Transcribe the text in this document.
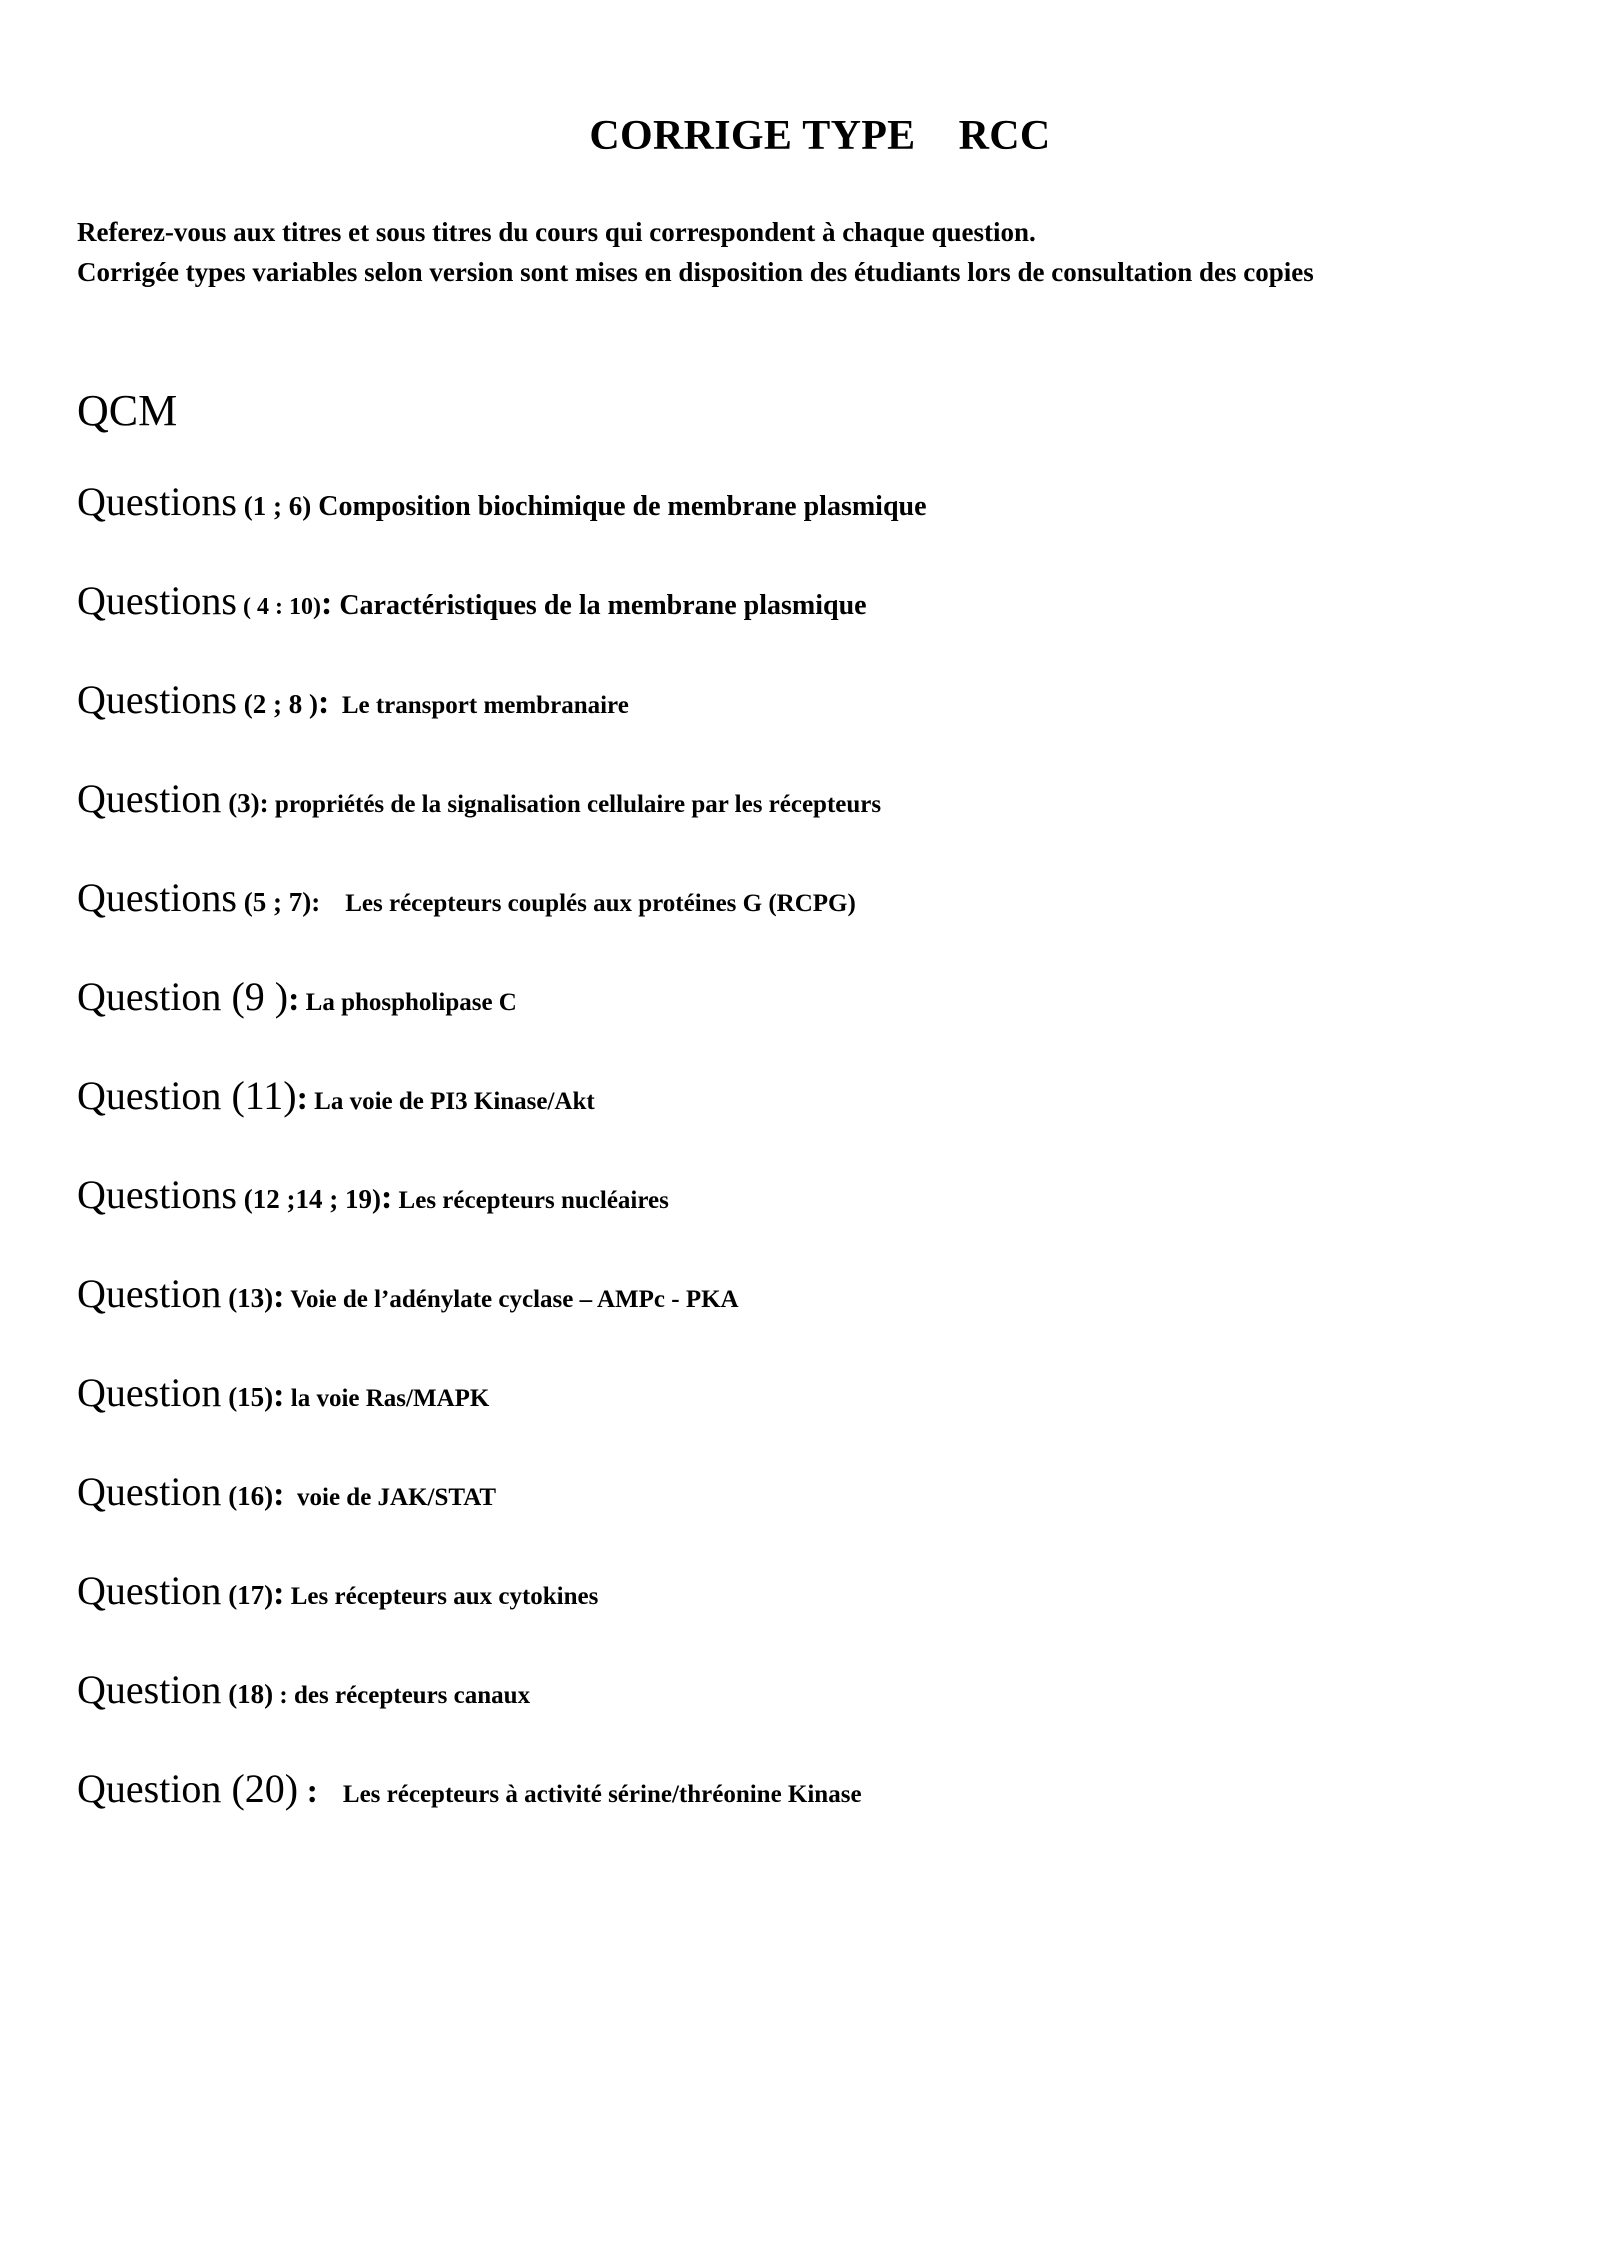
CORRIGE TYPE    RCC
Referez-vous aux titres et sous titres du cours qui correspondent à chaque question.
Corrigée types variables selon version sont mises en disposition des étudiants lors de consultation des copies
QCM
Questions (1 ; 6) Composition biochimique de membrane plasmique
Questions ( 4 : 10): Caractéristiques de la membrane plasmique
Questions (2 ; 8 ):  Le transport membranaire
Question (3): propriétés de la signalisation cellulaire par les récepteurs
Questions (5 ; 7):    Les récepteurs couplés aux protéines G (RCPG)
Question (9 ): La phospholipase C
Question (11): La voie de PI3 Kinase/Akt
Questions (12 ;14 ; 19): Les récepteurs nucléaires
Question (13): Voie de l’adénylate cyclase – AMPc - PKA
Question (15): la voie Ras/MAPK
Question (16):  voie de JAK/STAT
Question (17): Les récepteurs aux cytokines
Question (18) : des récepteurs canaux
Question (20) :    Les récepteurs à activité sérine/thréonine Kinase
